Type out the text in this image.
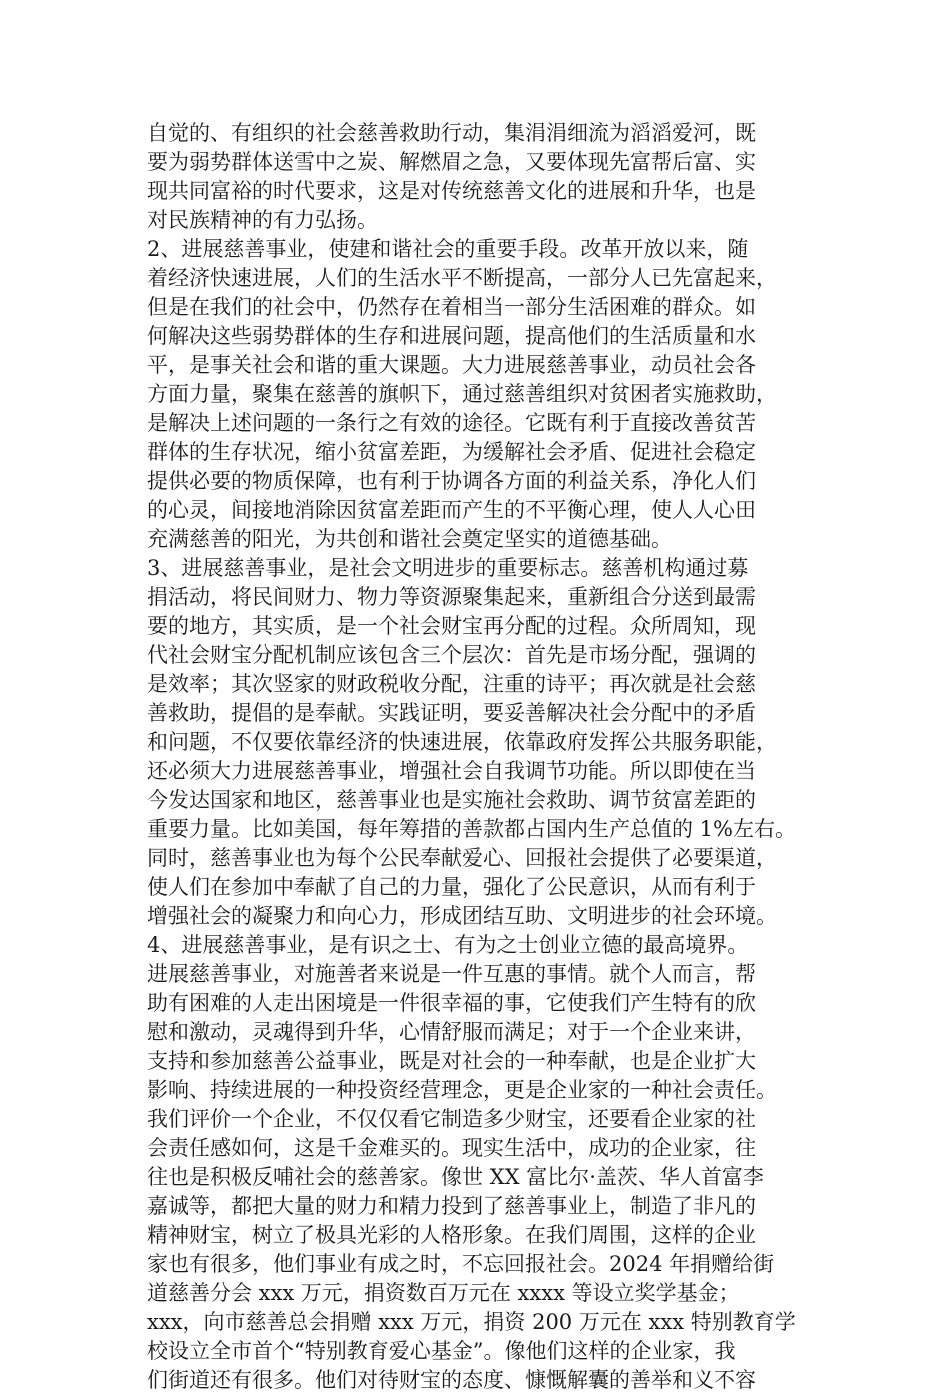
自觉的、有组织的社会慈善救助行动，集涓涓细流为滔滔爱河，既
要为弱势群体送雪中之炭、解燃眉之急，又要体现先富帮后富、实
现共同富裕的时代要求，这是对传统慈善文化的进展和升华，也是
对民族精神的有力弘扬。
2、进展慈善事业，使建和谐社会的重要手段。改革开放以来，随
着经济快速进展，人们的生活水平不断提高，一部分人已先富起来，
但是在我们的社会中，仍然存在着相当一部分生活困难的群众。如
何解决这些弱势群体的生存和进展问题，提高他们的生活质量和水
平，是事关社会和谐的重大课题。大力进展慈善事业，动员社会各
方面力量，聚集在慈善的旗帜下，通过慈善组织对贫困者实施救助，
是解决上述问题的一条行之有效的途径。它既有利于直接改善贫苦
群体的生存状况，缩小贫富差距，为缓解社会矛盾、促进社会稳定
提供必要的物质保障，也有利于协调各方面的利益关系，净化人们
的心灵，间接地消除因贫富差距而产生的不平衡心理，使人人心田
充满慈善的阳光，为共创和谐社会奠定坚实的道德基础。
3、进展慈善事业，是社会文明进步的重要标志。慈善机构通过募
捐活动，将民间财力、物力等资源聚集起来，重新组合分送到最需
要的地方，其实质，是一个社会财宝再分配的过程。众所周知，现
代社会财宝分配机制应该包含三个层次：首先是市场分配，强调的
是效率；其次竖家的财政税收分配，注重的诗平；再次就是社会慈
善救助，提倡的是奉献。实践证明，要妥善解决社会分配中的矛盾
和问题，不仅要依靠经济的快速进展，依靠政府发挥公共服务职能，
还必须大力进展慈善事业，增强社会自我调节功能。所以即使在当
今发达国家和地区，慈善事业也是实施社会救助、调节贫富差距的
重要力量。比如美国，每年筹措的善款都占国内生产总值的 1%左右。
同时，慈善事业也为每个公民奉献爱心、回报社会提供了必要渠道，
使人们在参加中奉献了自己的力量，强化了公民意识，从而有利于
增强社会的凝聚力和向心力，形成团结互助、文明进步的社会环境。
4、进展慈善事业，是有识之士、有为之士创业立德的最高境界。
进展慈善事业，对施善者来说是一件互惠的事情。就个人而言，帮
助有困难的人走出困境是一件很幸福的事，它使我们产生特有的欣
慰和激动，灵魂得到升华，心情舒服而满足；对于一个企业来讲，
支持和参加慈善公益事业，既是对社会的一种奉献，也是企业扩大
影响、持续进展的一种投资经营理念，更是企业家的一种社会责任。
我们评价一个企业，不仅仅看它制造多少财宝，还要看企业家的社
会责任感如何，这是千金难买的。现实生活中，成功的企业家，往
往也是积极反哺社会的慈善家。像世 XX 富比尔·盖茨、华人首富李
嘉诚等，都把大量的财力和精力投到了慈善事业上，制造了非凡的
精神财宝，树立了极具光彩的人格形象。在我们周围，这样的企业
家也有很多，他们事业有成之时，不忘回报社会。2024 年捐赠给街
道慈善分会 xxx 万元，捐资数百万元在 xxxx 等设立奖学基金；
xxx，向市慈善总会捐赠 xxx 万元，捐资 200 万元在 xxx 特别教育学
校设立全市首个“特别教育爱心基金”。像他们这样的企业家，我
们街道还有很多。他们对待财宝的态度、慷慨解囊的善举和义不容
